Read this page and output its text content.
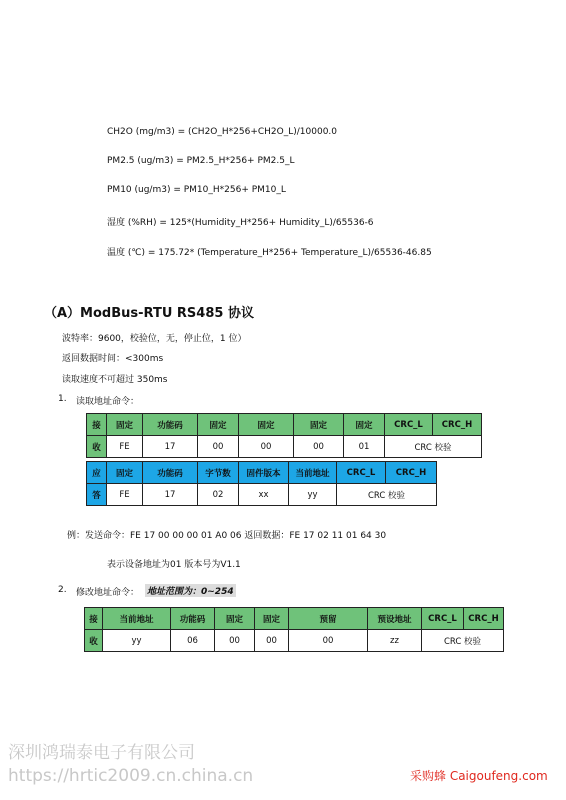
CH2O (mg/m3) = (CH2O_H*256+CH2O_L)/10000.0
PM2.5 (ug/m3) = PM2.5_H*256+ PM2.5_L
PM10 (ug/m3) = PM10_H*256+ PM10_L
湿度 (%RH) = 125*(Humidity_H*256+ Humidity_L)/65536-6
温度 (℃) = 175.72* (Temperature_H*256+ Temperature_L)/65536-46.85
（A）ModBus-RTU RS485 协议
波特率：9600，校验位，无，停止位，1 位）
返回数据时间：<300ms
读取速度不可超过 350ms
1. 读取地址命令：
接	固定	功能码	固定	固定	固定	固定	CRC_L	CRC_H
收	FE	17	00	00	00	01	CRC 校验	
应	固定	功能码	字节数	固件版本	当前地址	CRC_L	CRC_H
答	FE	17	02	xx	yy	CRC 校验	
例：发送命令：FE 17 00 00 00 01 A0 06 返回数据：FE 17 02 11 01 64 30
表示设备地址为01 版本号为V1.1
2. 修改地址命令： 地址范围为：0~254
接	当前地址	功能码	固定	固定	预留	预设地址	CRC_L	CRC_H
收	yy	06	00	00	00	zz	CRC 校验	
深圳鸿瑞泰电子有限公司
https://hrtic2009.cn.china.cn	采购蜂 Caigoufeng.com
